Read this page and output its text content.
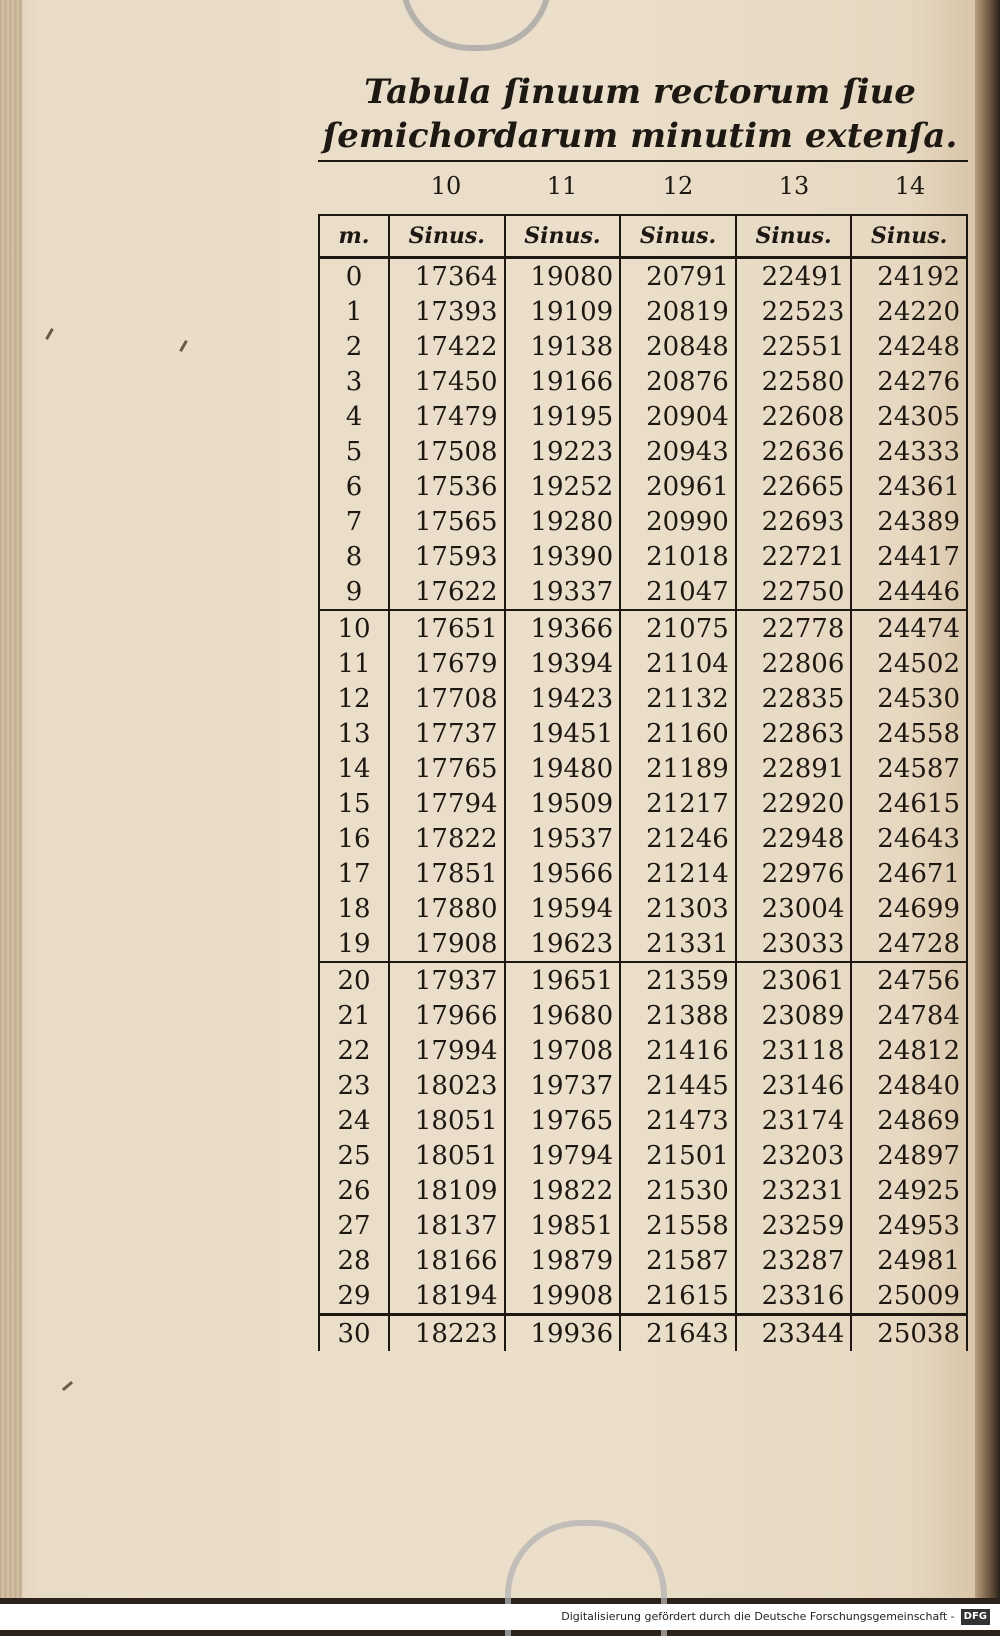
Tabula ſinuum rectorum ſiue ſemichordarum minutim extenſa.
10	11	12	13	14
m.	Sinus.	Sinus.	Sinus.	Sinus.	Sinus.
0	17364	19080	20791	22491	24192
1	17393	19109	20819	22523	24220
2	17422	19138	20848	22551	24248
3	17450	19166	20876	22580	24276
4	17479	19195	20904	22608	24305
5	17508	19223	20943	22636	24333
6	17536	19252	20961	22665	24361
7	17565	19280	20990	22693	24389
8	17593	19390	21018	22721	24417
9	17622	19337	21047	22750	24446
10	17651	19366	21075	22778	24474
11	17679	19394	21104	22806	24502
12	17708	19423	21132	22835	24530
13	17737	19451	21160	22863	24558
14	17765	19480	21189	22891	24587
15	17794	19509	21217	22920	24615
16	17822	19537	21246	22948	24643
17	17851	19566	21214	22976	24671
18	17880	19594	21303	23004	24699
19	17908	19623	21331	23033	24728
20	17937	19651	21359	23061	24756
21	17966	19680	21388	23089	24784
22	17994	19708	21416	23118	24812
23	18023	19737	21445	23146	24840
24	18051	19765	21473	23174	24869
25	18051	19794	21501	23203	24897
26	18109	19822	21530	23231	24925
27	18137	19851	21558	23259	24953
28	18166	19879	21587	23287	24981
29	18194	19908	21615	23316	25009
30	18223	19936	21643	23344	25038
Digitalisierung gefördert durch die Deutsche Forschungsgemeinschaft - DFG
